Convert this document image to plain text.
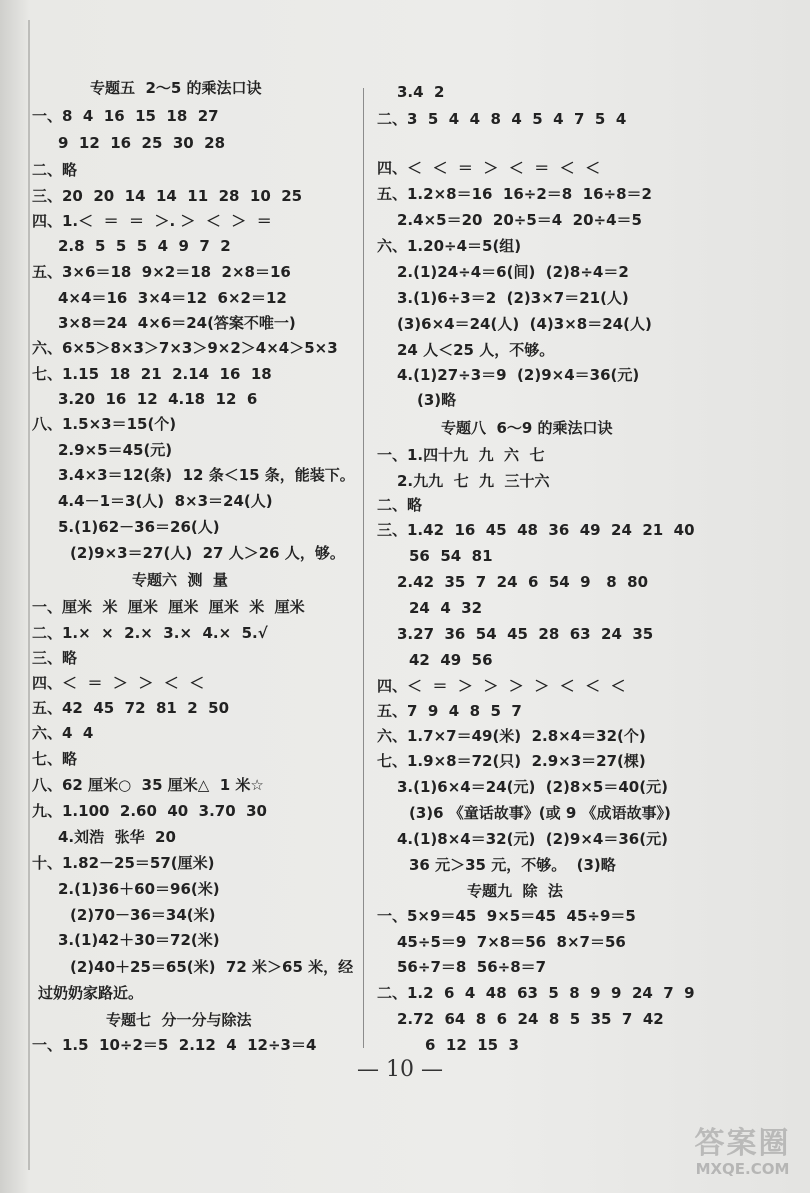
专题五  2～5 的乘法口诀
一、8  4  16  15  18  27
9  12  16  25  30  28
二、略
三、20  20  14  14  11  28  10  25
四、1.＜  ＝  ＝  ＞. ＞  ＜  ＞  ＝
2.8  5  5  5  4  9  7  2
五、3×6＝18  9×2＝18  2×8＝16
4×4＝16  3×4＝12  6×2＝12
3×8＝24  4×6＝24(答案不唯一)
六、6×5＞8×3＞7×3＞9×2＞4×4＞5×3
七、1.15  18  21  2.14  16  18
3.20  16  12  4.18  12  6
八、1.5×3＝15(个)
2.9×5＝45(元)
3.4×3＝12(条)  12 条＜15 条，能装下。
4.4－1＝3(人)  8×3＝24(人)
5.(1)62－36＝26(人)
(2)9×3＝27(人)  27 人＞26 人，够。
专题六  测  量
一、厘米  米  厘米  厘米  厘米  米  厘米
二、1.×  ×  2.×  3.×  4.×  5.√
三、略
四、＜  ＝  ＞  ＞  ＜  ＜
五、42  45  72  81  2  50
六、4  4
七、略
八、62 厘米○  35 厘米△  1 米☆
九、1.100  2.60  40  3.70  30
4.刘浩  张华  20
十、1.82－25＝57(厘米)
2.(1)36＋60＝96(米)
(2)70－36＝34(米)
3.(1)42＋30＝72(米)
(2)40＋25＝65(米)  72 米＞65 米，经
过奶奶家路近。
专题七  分一分与除法
一、1.5  10÷2＝5  2.12  4  12÷3＝4
3.4  2
二、3  5  4  4  8  4  5  4  7  5  4
四、＜  ＜  ＝  ＞  ＜  ＝  ＜  ＜
五、1.2×8＝16  16÷2＝8  16÷8＝2
2.4×5＝20  20÷5＝4  20÷4＝5
六、1.20÷4＝5(组)
2.(1)24÷4＝6(间)  (2)8÷4＝2
3.(1)6÷3＝2  (2)3×7＝21(人)
(3)6×4＝24(人)  (4)3×8＝24(人)
24 人＜25 人，不够。
4.(1)27÷3＝9  (2)9×4＝36(元)
(3)略
专题八  6～9 的乘法口诀
一、1.四十九  九  六  七
2.九九  七  九  三十六
二、略
三、1.42  16  45  48  36  49  24  21  40
56  54  81
2.42  35  7  24  6  54  9   8  80
24  4  32
3.27  36  54  45  28  63  24  35
42  49  56
四、＜  ＝  ＞  ＞  ＞  ＞  ＜  ＜  ＜
五、7  9  4  8  5  7
六、1.7×7＝49(米)  2.8×4＝32(个)
七、1.9×8＝72(只)  2.9×3＝27(棵)
3.(1)6×4＝24(元)  (2)8×5＝40(元)
(3)6 《童话故事》(或 9 《成语故事》)
4.(1)8×4＝32(元)  (2)9×4＝36(元)
36 元＞35 元，不够。  (3)略
专题九  除  法
一、5×9＝45  9×5＝45  45÷9＝5
45÷5＝9  7×8＝56  8×7＝56
56÷7＝8  56÷8＝7
二、1.2  6  4  48  63  5  8  9  9  24  7  9
2.72  64  8  6  24  8  5  35  7  42
6  12  15  3
— 10 —
答案圈
MXQE.COM
